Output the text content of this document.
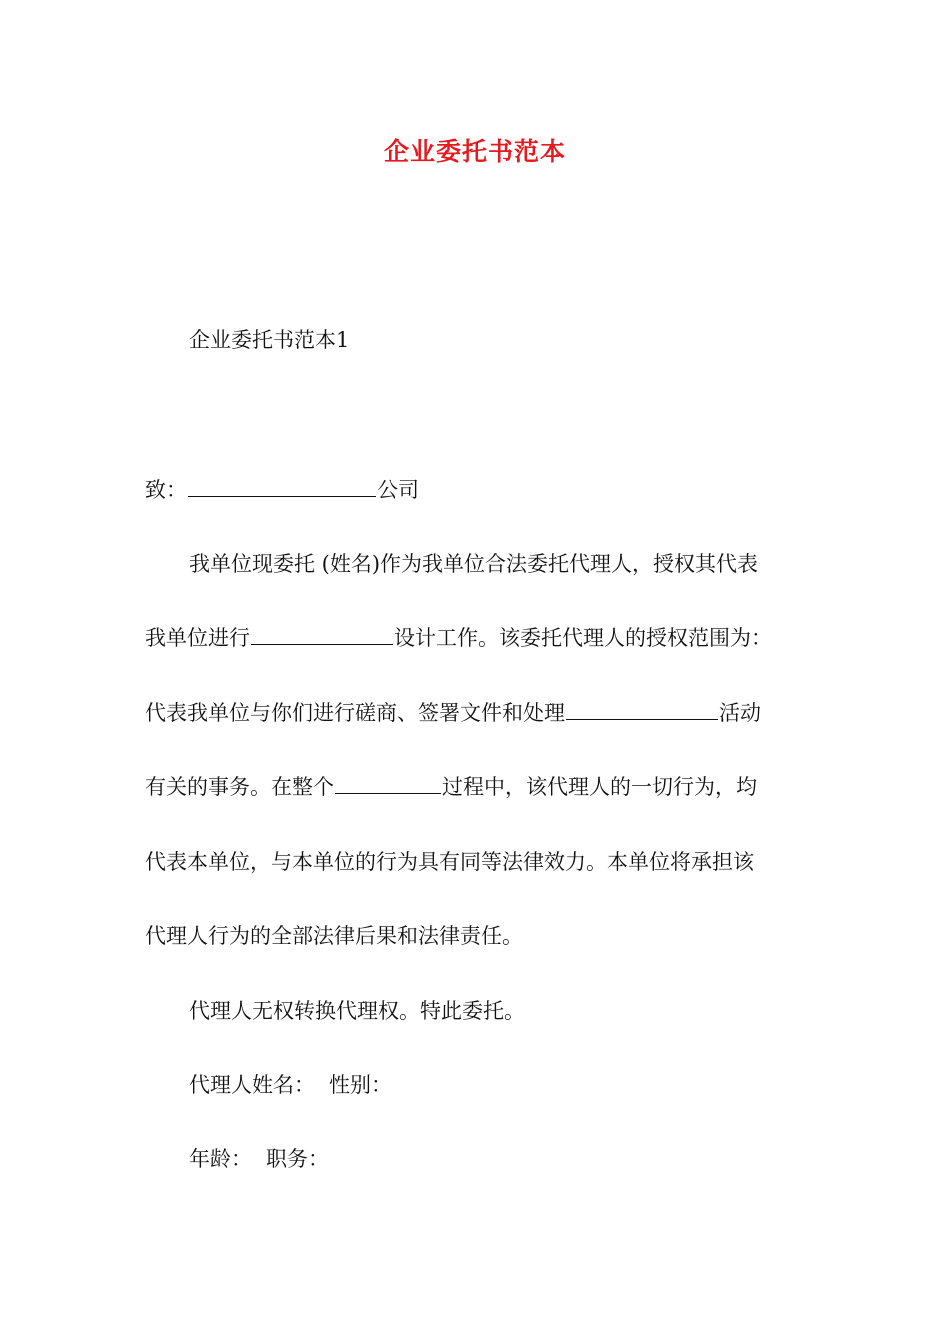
企业委托书范本
企业委托书范本1
致：	公司
我单位现委托 (姓名)作为我单位合法委托代理人，授权其代表
我单位进行	设计工作。该委托代理人的授权范围为：
代表我单位与你们进行磋商、签署文件和处理	活动
有关的事务。在整个	过程中，该代理人的一切行为，均
代表本单位，与本单位的行为具有同等法律效力。本单位将承担该
代理人行为的全部法律后果和法律责任。
代理人无权转换代理权。特此委托。
代理人姓名： 性别：
年龄： 职务：
